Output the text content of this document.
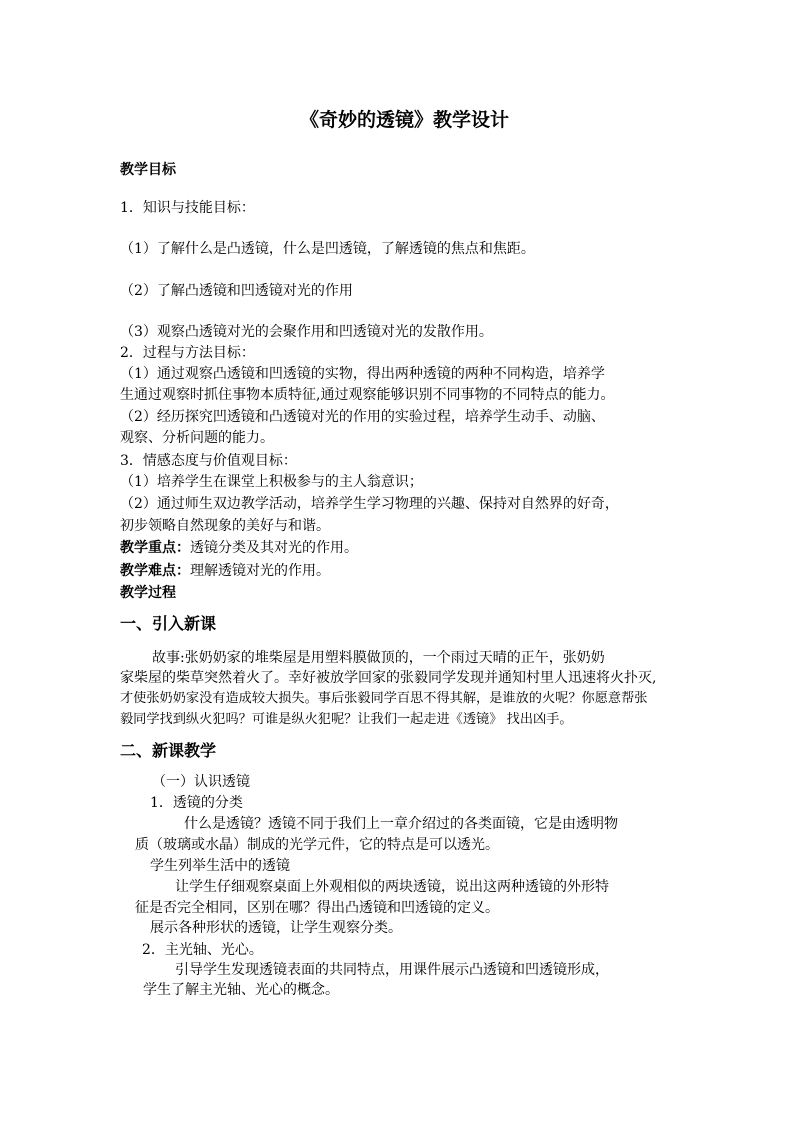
《奇妙的透镜》教学设计
教学目标
1．知识与技能目标：
（1）了解什么是凸透镜，什么是凹透镜，了解透镜的焦点和焦距。
（2）了解凸透镜和凹透镜对光的作用
（3）观察凸透镜对光的会聚作用和凹透镜对光的发散作用。
2．过程与方法目标：
（1）通过观察凸透镜和凹透镜的实物，得出两种透镜的两种不同构造，培养学
生通过观察时抓住事物本质特征,通过观察能够识别不同事物的不同特点的能力。
（2）经历探究凹透镜和凸透镜对光的作用的实验过程，培养学生动手、动脑、
观察、分析问题的能力。
3．情感态度与价值观目标：
（1）培养学生在课堂上积极参与的主人翁意识；
（2）通过师生双边教学活动，培养学生学习物理的兴趣、保持对自然界的好奇，
初步领略自然现象的美好与和谐。
教学重点：透镜分类及其对光的作用。
教学难点：理解透镜对光的作用。
教学过程
一、引入新课
故事:张奶奶家的堆柴屋是用塑料膜做顶的，一个雨过天晴的正午，张奶奶
家柴屋的柴草突然着火了。幸好被放学回家的张毅同学发现并通知村里人迅速将火扑灭,
才使张奶奶家没有造成较大损失。事后张毅同学百思不得其解，是谁放的火呢？你愿意帮张
毅同学找到纵火犯吗？可谁是纵火犯呢？让我们一起走进《透镜》 找出凶手。
二、新课教学
（一）认识透镜
1．透镜的分类
什么是透镜？透镜不同于我们上一章介绍过的各类面镜，它是由透明物
质（玻璃或水晶）制成的光学元件，它的特点是可以透光。
学生列举生活中的透镜
让学生仔细观察桌面上外观相似的两块透镜，说出这两种透镜的外形特
征是否完全相同，区别在哪？得出凸透镜和凹透镜的定义。
展示各种形状的透镜，让学生观察分类。
2．主光轴、光心。
引导学生发现透镜表面的共同特点，用课件展示凸透镜和凹透镜形成，
学生了解主光轴、光心的概念。
